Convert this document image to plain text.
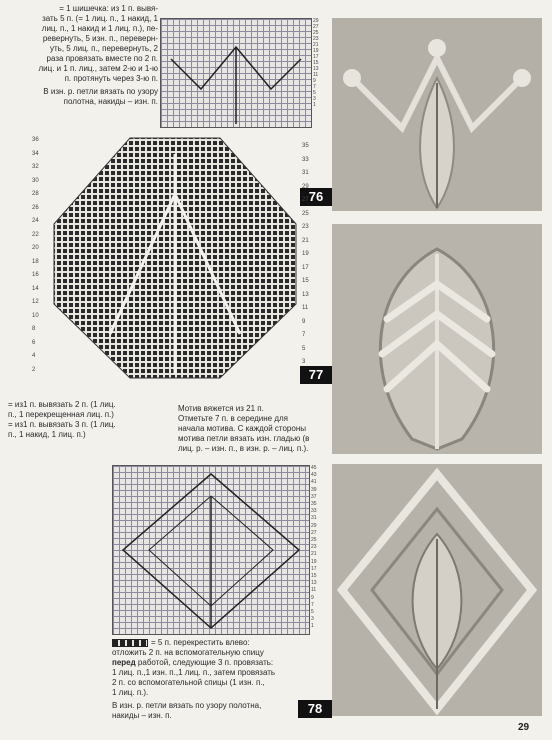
= 1 шишечка: из 1 п. вывя-
зать 5 п. (= 1 лиц. п., 1 накид, 1
лиц. п., 1 накид и 1 лиц. п.), пе-
ревернуть, 5 изн. п., переверн-
уть, 5 лиц. п., перевернуть, 2
раза провязать вместе по 2 п.
лиц. и 1 п. лиц., затем 2-ю и 1-ю
п. протянуть через 3-ю п.
В изн. р. петли вязать по узору
полотна, накиды – изн. п.
29
27
25
23
21
19
17
15
13
11
9
7
5
3
1
76
36
34
32
30
28
26
24
22
20
18
16
14
12
10
8
6
4
2
35
33
31
29
27
25
23
21
19
17
15
13
11
9
7
5
3
77
= из1 п. вывязать 2 п. (1 лиц.
п., 1 перекрещенная лиц. п.)
= из1 п. вывязать 3 п. (1 лиц.
п., 1 накид, 1 лиц. п.)
Мотив вяжется из 21 п.
Отметьте 7 п. в середине для
начала мотива. С каждой стороны
мотива петли вязать изн. гладью (в
лиц. р. – изн. п., в изн. р. – лиц. п.).
45
43
41
39
37
35
33
31
29
27
25
23
21
19
17
15
13
11
9
7
5
3
1
= 5 п. перекрестить влево:
отложить 2 п. на вспомогательную спицу
перед работой, следующие 3 п. провязать:
1 лиц. п.,1 изн. п.,1 лиц. п., затем провязать
2 п. со вспомогательной спицы (1 изн. п.,
1 лиц. п.).
В изн. р. петли вязать по узору полотна,
накиды – изн. п.	78
29
